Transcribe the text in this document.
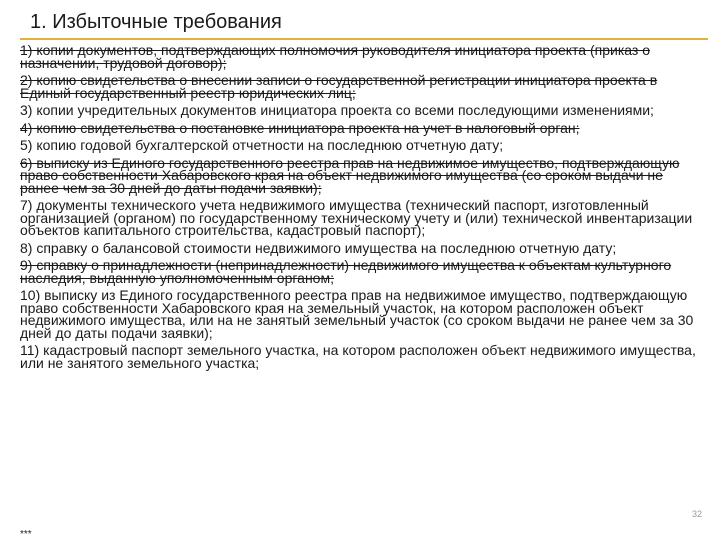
1. Избыточные требования
1) копии документов, подтверждающих полномочия руководителя инициатора проекта (приказ о назначении, трудовой договор);
2) копию свидетельства о внесении записи о государственной регистрации инициатора проекта в Единый государственный реестр юридических лиц;
3) копии учредительных документов инициатора проекта со всеми последующими изменениями;
4) копию свидетельства о постановке инициатора проекта на учет в налоговый орган;
5) копию годовой бухгалтерской отчетности на последнюю отчетную дату;
6) выписку из Единого государственного реестра прав на недвижимое имущество, подтверждающую право собственности Хабаровского края на объект недвижимого имущества (со сроком выдачи не ранее чем за 30 дней до даты подачи заявки);
7) документы технического учета недвижимого имущества (технический паспорт, изготовленный организацией (органом) по государственному техническому учету и (или) технической инвентаризации объектов капитального строительства, кадастровый паспорт);
8) справку о балансовой стоимости недвижимого имущества на последнюю отчетную дату;
9) справку о принадлежности (непринадлежности) недвижимого имущества к объектам культурного наследия, выданную уполномоченным органом;
10) выписку из Единого государственного реестра прав на недвижимое имущество, подтверждающую право собственности Хабаровского края на земельный участок, на котором расположен объект недвижимого имущества, или на не занятый земельный участок (со сроком выдачи не ранее чем за 30 дней до даты подачи заявки);
11) кадастровый паспорт земельного участка, на котором расположен объект недвижимого имущества, или не занятого земельного участка;
32
***
